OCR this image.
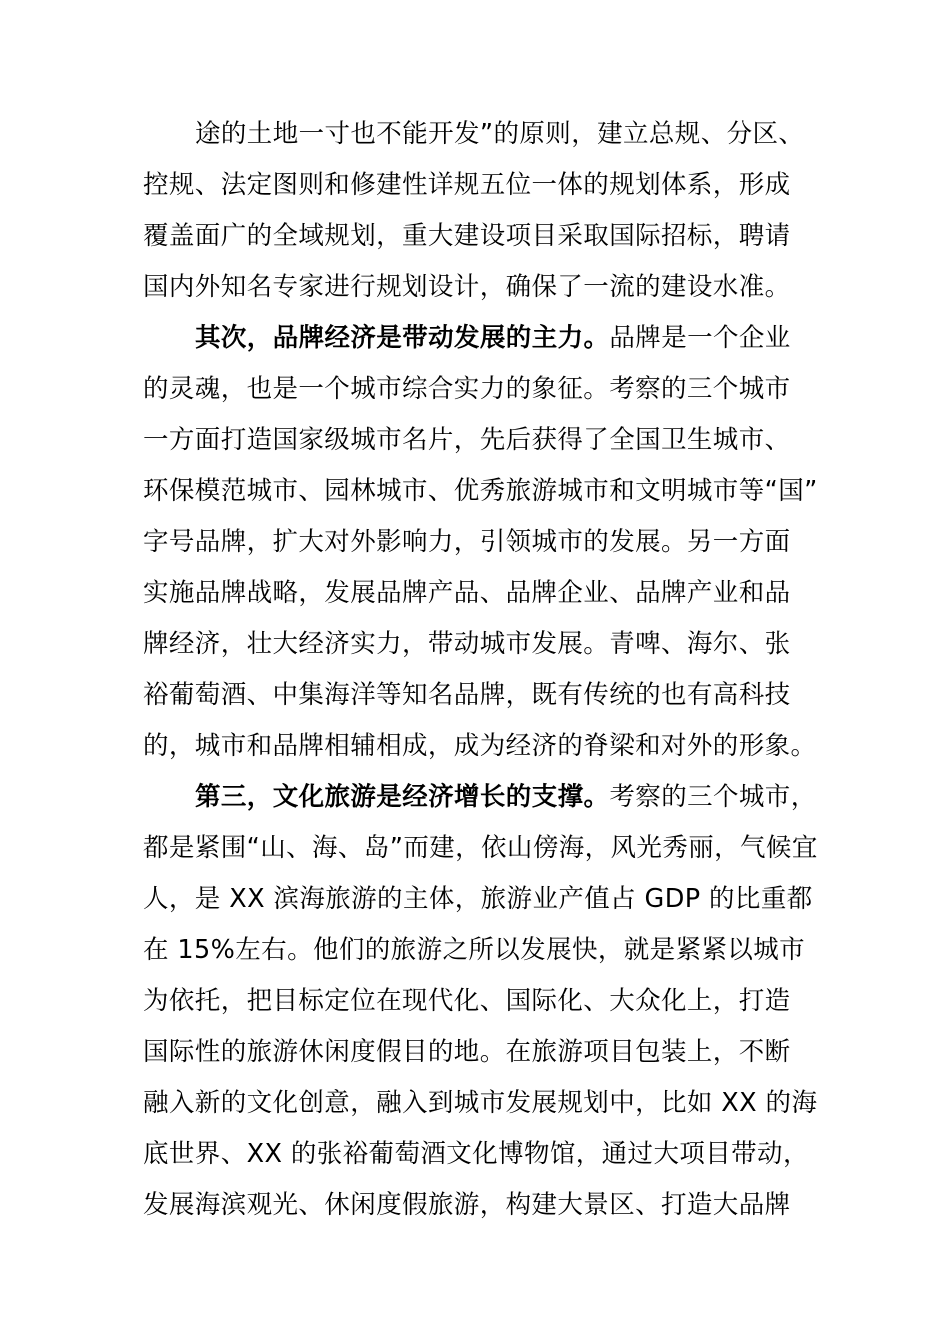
途的土地一寸也不能开发”的原则，建立总规、分区、
控规、法定图则和修建性详规五位一体的规划体系，形成
覆盖面广的全域规划，重大建设项目采取国际招标，聘请
国内外知名专家进行规划设计，确保了一流的建设水准。
其次，品牌经济是带动发展的主力。品牌是一个企业
的灵魂，也是一个城市综合实力的象征。考察的三个城市
一方面打造国家级城市名片，先后获得了全国卫生城市、
环保模范城市、园林城市、优秀旅游城市和文明城市等“国”
字号品牌，扩大对外影响力，引领城市的发展。另一方面
实施品牌战略，发展品牌产品、品牌企业、品牌产业和品
牌经济，壮大经济实力，带动城市发展。青啤、海尔、张
裕葡萄酒、中集海洋等知名品牌，既有传统的也有高科技
的，城市和品牌相辅相成，成为经济的脊梁和对外的形象。
第三，文化旅游是经济增长的支撑。考察的三个城市，
都是紧围“山、海、岛”而建，依山傍海，风光秀丽，气候宜
人，是 XX 滨海旅游的主体，旅游业产值占 GDP 的比重都
在 15%左右。他们的旅游之所以发展快，就是紧紧以城市
为依托，把目标定位在现代化、国际化、大众化上，打造
国际性的旅游休闲度假目的地。在旅游项目包装上，不断
融入新的文化创意，融入到城市发展规划中，比如 XX 的海
底世界、XX 的张裕葡萄酒文化博物馆，通过大项目带动，
发展海滨观光、休闲度假旅游，构建大景区、打造大品牌
